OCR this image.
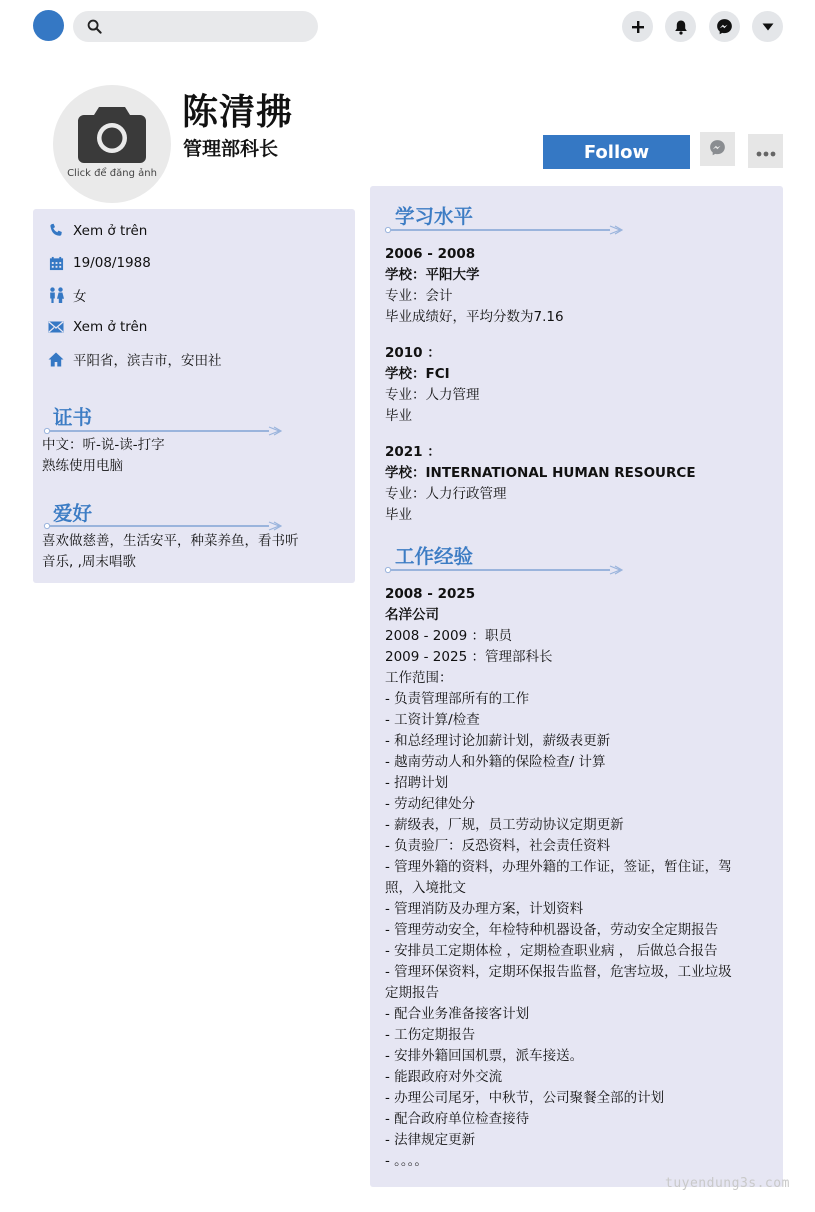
Click để đăng ảnh
陈清拂
管理部科长	Follow
Xem ở trên
19/08/1988
女
Xem ở trên
平阳省，滨吉市，安田社
证书
中文：听-说-读-打字
熟练使用电脑
爱好
喜欢做慈善，生活安平，种菜养鱼，看书听
音乐, ,周末唱歌
学习水平
2006 - 2008
学校：平阳大学
专业：会计
毕业成绩好，平均分数为7.16
2010 ：
学校：FCI
专业：人力管理
毕业
2021 ：
学校：INTERNATIONAL HUMAN RESOURCE
专业：人力行政管理
毕业
工作经验
2008 - 2025
名洋公司
2008 - 2009 ：职员
2009 - 2025 ：管理部科长
工作范围：
- 负责管理部所有的工作
- 工资计算/检查
- 和总经理讨论加薪计划，薪级表更新
- 越南劳动人和外籍的保险检查/ 计算
- 招聘计划
- 劳动纪律处分
- 薪级表，厂规，员工劳动协议定期更新
- 负责验厂：反恐资料，社会责任资料
- 管理外籍的资料，办理外籍的工作证，签证，暂住证，驾
照，入境批文
- 管理消防及办理方案，计划资料
- 管理劳动安全，年检特种机器设备，劳动安全定期报告
- 安排员工定期体检 ，定期检查职业病 ， 后做总合报告
- 管理环保资料，定期环保报告监督，危害垃圾，工业垃圾
定期报告
- 配合业务准备接客计划
- 工伤定期报告
- 安排外籍回国机票，派车接送。
- 能跟政府对外交流
- 办理公司尾牙，中秋节，公司聚餐全部的计划
- 配合政府单位检查接待
- 法律规定更新
- 。。。。
tuyendung3s.com
